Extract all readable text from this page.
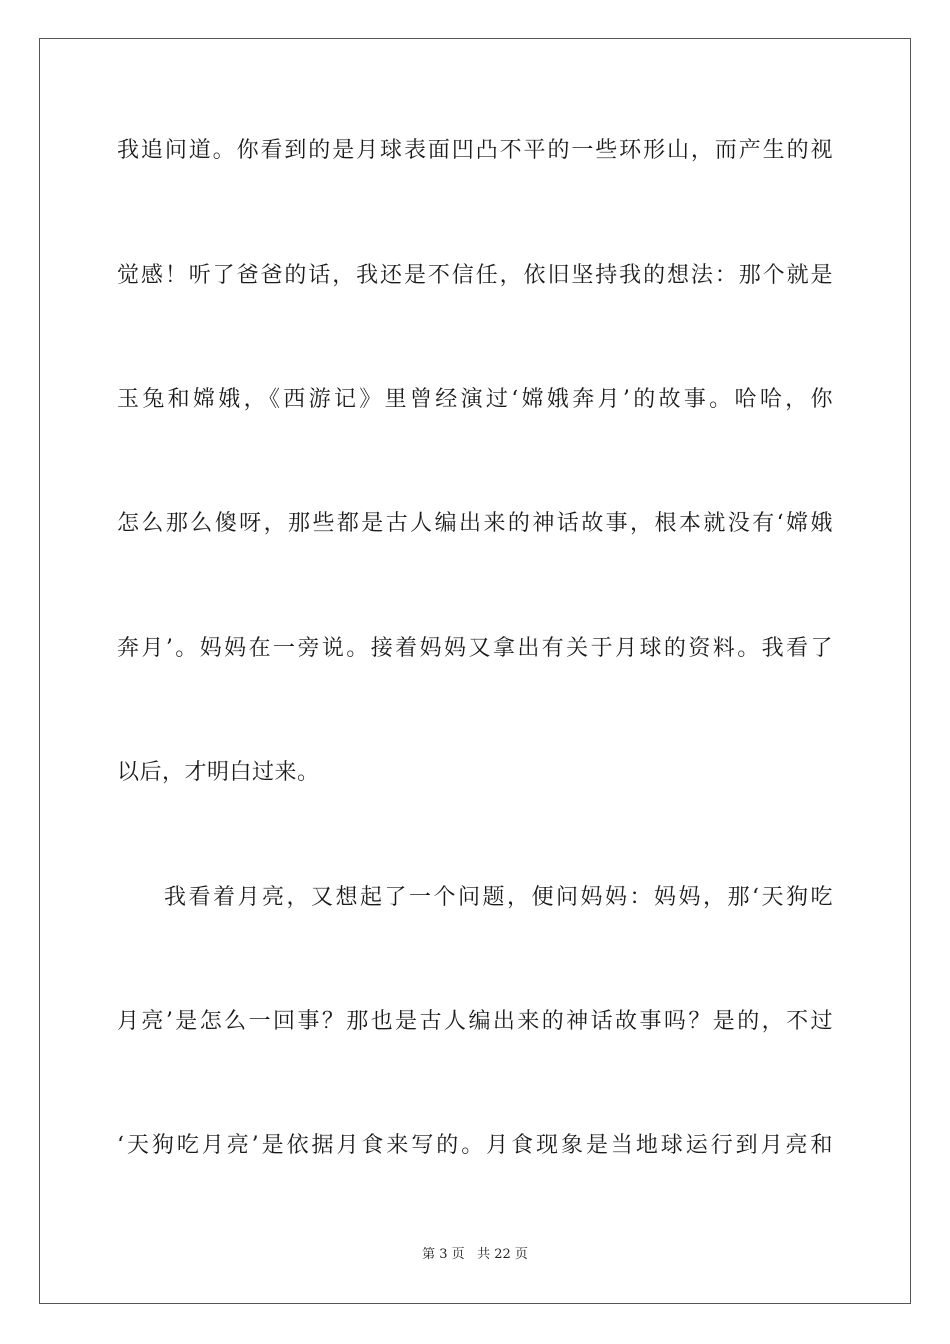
我追问道。你看到的是月球表面凹凸不平的一些环形山，而产生的视
觉感！听了爸爸的话，我还是不信任，依旧坚持我的想法：那个就是
玉兔和嫦娥，《西游记》里曾经演过‘嫦娥奔月’的故事。哈哈，你
怎么那么傻呀，那些都是古人编出来的神话故事，根本就没有‘嫦娥
奔月’。妈妈在一旁说。接着妈妈又拿出有关于月球的资料。我看了
以后，才明白过来。
我看着月亮，又想起了一个问题，便问妈妈：妈妈，那‘天狗吃
月亮’是怎么一回事？那也是古人编出来的神话故事吗？是的，不过
‘天狗吃月亮’是依据月食来写的。月食现象是当地球运行到月亮和
第 3 页 共 22 页
